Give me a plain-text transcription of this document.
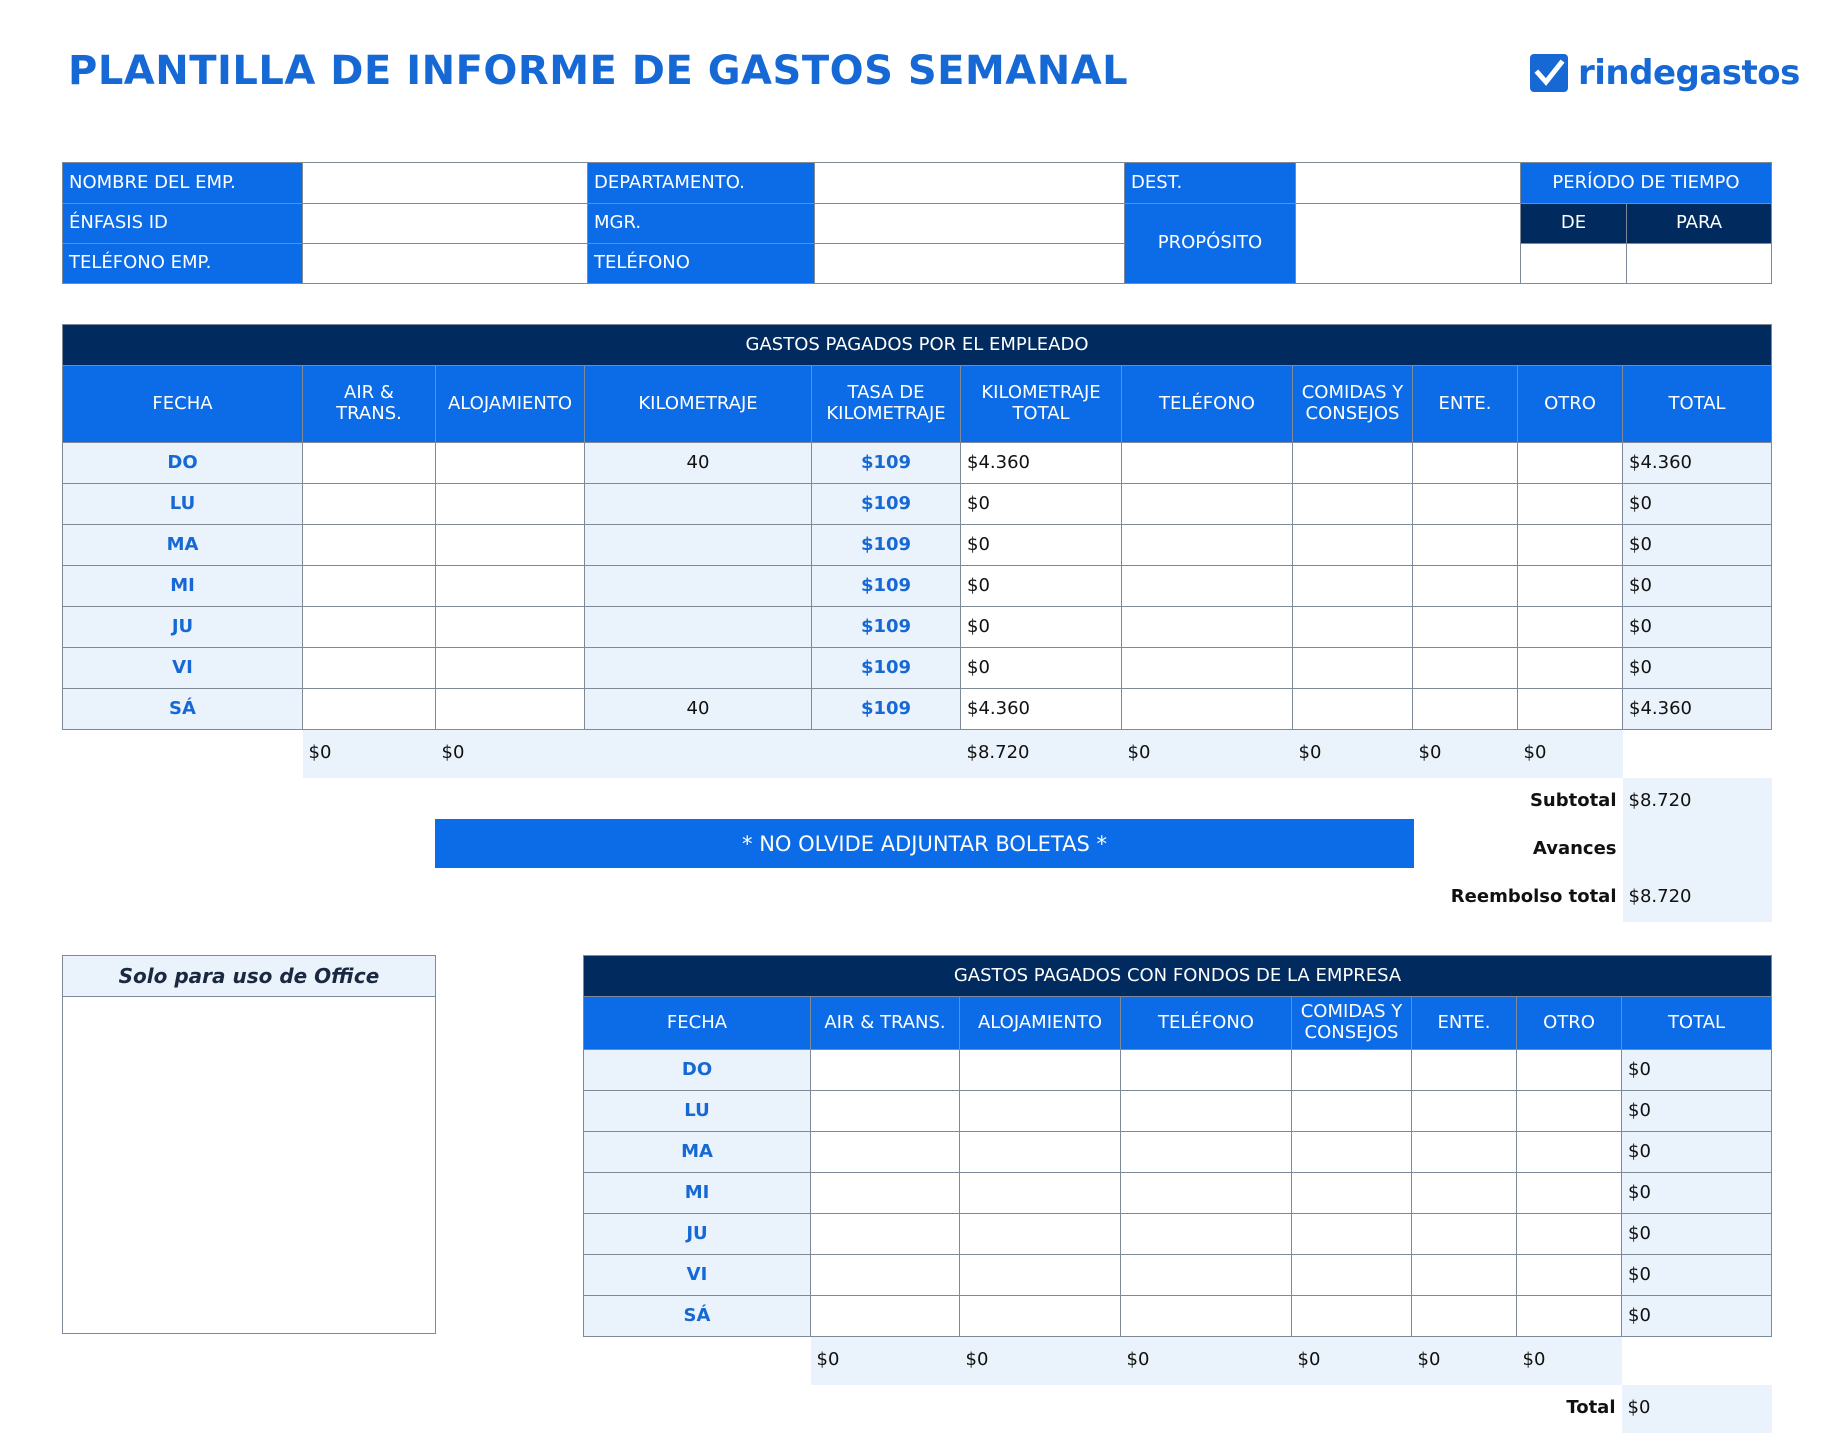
PLANTILLA DE INFORME DE GASTOS SEMANAL	rindegastos
NOMBRE DEL EMP.		DEPARTAMENTO.		DEST.		PERÍODO DE TIEMPO	
ÉNFASIS ID		MGR.		PROPÓSITO		DE	PARA
TELÉFONO EMP.		TELÉFONO					
GASTOS PAGADOS POR EL EMPLEADO										
FECHA	AIR & TRANS.	ALOJAMIENTO	KILOMETRAJE	TASA DE KILOMETRAJE	KILOMETRAJE TOTAL	TELÉFONO	COMIDAS Y CONSEJOS	ENTE.	OTRO	TOTAL
DO			40	$109	$4.360					$4.360
LU				$109	$0					$0
MA				$109	$0					$0
MI				$109	$0					$0
JU				$109	$0					$0
VI				$109	$0					$0
SÁ			40	$109	$4.360					$4.360
	$0	$0			$8.720	$0	$0	$0	$0	
									Subtotal	$8.720
									Avances	
								Reembolso total		$8.720
* NO OLVIDE ADJUNTAR BOLETAS *
Solo para uso de Office	GASTOS PAGADOS CON FONDOS DE LA EMPRESA							
FECHA	AIR & TRANS.	ALOJAMIENTO	TELÉFONO	COMIDAS Y CONSEJOS	ENTE.	OTRO	TOTAL
DO							$0
LU							$0
MA							$0
MI							$0
JU							$0
VI							$0
SÁ							$0
	$0	$0	$0	$0	$0	$0	
						Total	$0
